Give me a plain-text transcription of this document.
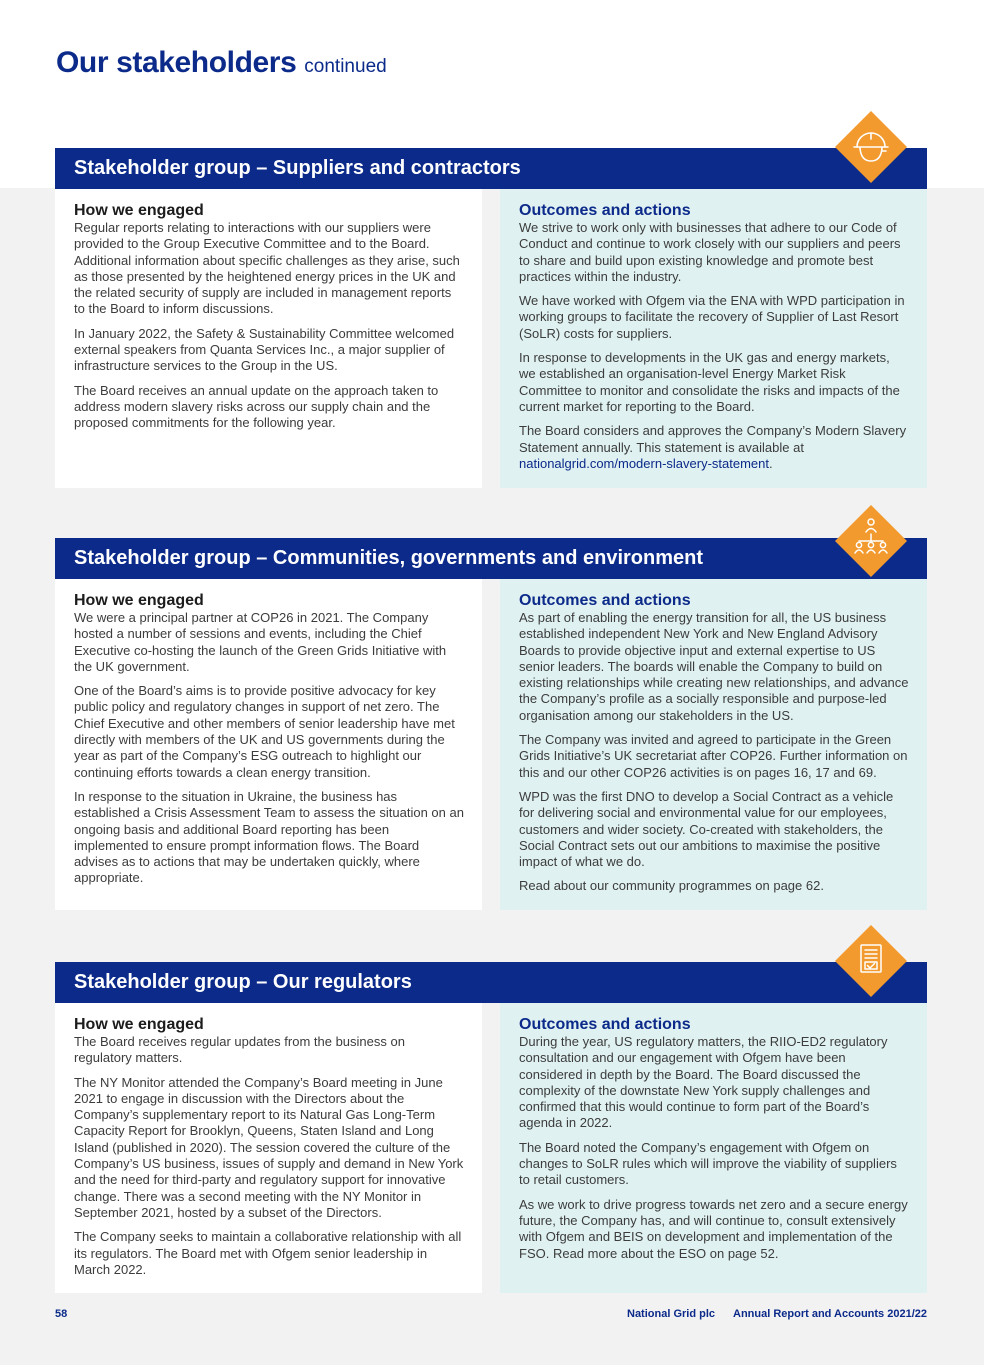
Our stakeholders continued
Stakeholder group – Suppliers and contractors
How we engaged

Regular reports relating to interactions with our suppliers were provided to the Group Executive Committee and to the Board. Additional information about specific challenges as they arise, such as those presented by the heightened energy prices in the UK and the related security of supply are included in management reports to the Board to inform discussions.

In January 2022, the Safety & Sustainability Committee welcomed external speakers from Quanta Services Inc., a major supplier of infrastructure services to the Group in the US.

The Board receives an annual update on the approach taken to address modern slavery risks across our supply chain and the proposed commitments for the following year.

Outcomes and actions

We strive to work only with businesses that adhere to our Code of Conduct and continue to work closely with our suppliers and peers to share and build upon existing knowledge and promote best practices within the industry.

We have worked with Ofgem via the ENA with WPD participation in working groups to facilitate the recovery of Supplier of Last Resort (SoLR) costs for suppliers.

In response to developments in the UK gas and energy markets, we established an organisation-level Energy Market Risk Committee to monitor and consolidate the risks and impacts of the current market for reporting to the Board.

The Board considers and approves the Company’s Modern Slavery Statement annually. This statement is available at nationalgrid.com/modern-slavery-statement.

Stakeholder group – Communities, governments and environment
How we engaged

We were a principal partner at COP26 in 2021. The Company hosted a number of sessions and events, including the Chief Executive co-hosting the launch of the Green Grids Initiative with the UK government.

One of the Board’s aims is to provide positive advocacy for key public policy and regulatory changes in support of net zero. The Chief Executive and other members of senior leadership have met directly with members of the UK and US governments during the year as part of the Company’s ESG outreach to highlight our continuing efforts towards a clean energy transition.

In response to the situation in Ukraine, the business has established a Crisis Assessment Team to assess the situation on an ongoing basis and additional Board reporting has been implemented to ensure prompt information flows. The Board advises as to actions that may be undertaken quickly, where appropriate.

Outcomes and actions

As part of enabling the energy transition for all, the US business established independent New York and New England Advisory Boards to provide objective input and external expertise to US senior leaders. The boards will enable the Company to build on existing relationships while creating new relationships, and advance the Company’s profile as a socially responsible and purpose-led organisation among our stakeholders in the US.

The Company was invited and agreed to participate in the Green Grids Initiative’s UK secretariat after COP26. Further information on this and our other COP26 activities is on pages 16, 17 and 69.

WPD was the first DNO to develop a Social Contract as a vehicle for delivering social and environmental value for our employees, customers and wider society. Co-created with stakeholders, the Social Contract sets out our ambitions to maximise the positive impact of what we do.

Read about our community programmes on page 62.

Stakeholder group – Our regulators
How we engaged

The Board receives regular updates from the business on regulatory matters.

The NY Monitor attended the Company’s Board meeting in June 2021 to engage in discussion with the Directors about the Company’s supplementary report to its Natural Gas Long-Term Capacity Report for Brooklyn, Queens, Staten Island and Long Island (published in 2020). The session covered the culture of the Company’s US business, issues of supply and demand in New York and the need for third-party and regulatory support for innovative change. There was a second meeting with the NY Monitor in September 2021, hosted by a subset of the Directors.

The Company seeks to maintain a collaborative relationship with all its regulators. The Board met with Ofgem senior leadership in March 2022.

Outcomes and actions

During the year, US regulatory matters, the RIIO-ED2 regulatory consultation and our engagement with Ofgem have been considered in depth by the Board. The Board discussed the complexity of the downstate New York supply challenges and confirmed that this would continue to form part of the Board’s agenda in 2022.

The Board noted the Company’s engagement with Ofgem on changes to SoLR rules which will improve the viability of suppliers to retail customers.

As we work to drive progress towards net zero and a secure energy future, the Company has, and will continue to, consult extensively with Ofgem and BEIS on development and implementation of the FSO. Read more about the ESO on page 52.

58	National Grid plc Annual Report and Accounts 2021/22
